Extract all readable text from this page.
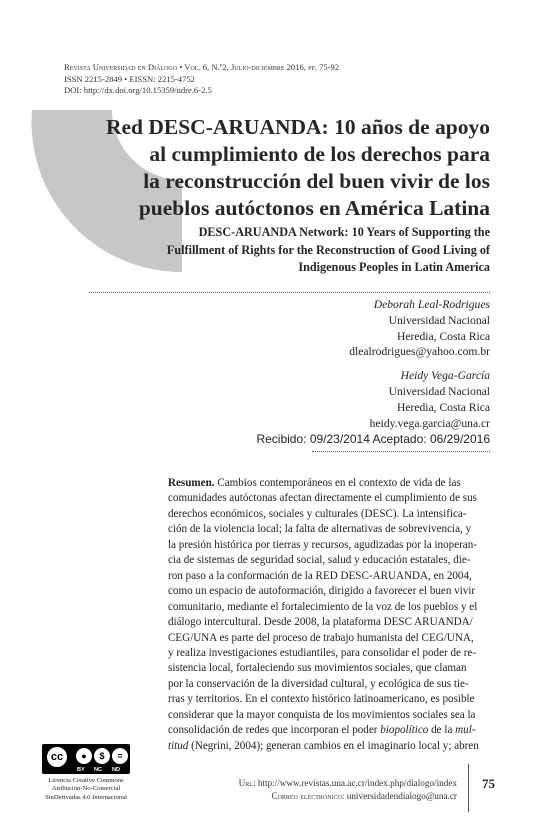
Revista Universidad en Diálogo • Vol. 6, N.º2, Julio-diciembre 2016, pp. 75-92
ISSN 2215-2849 • EISSN: 2215-4752
DOI: http://dx.doi.org/10.15359/udre.6-2.5
Red DESC-ARUANDA: 10 años de apoyo
al cumplimiento de los derechos para
la reconstrucción del buen vivir de los
pueblos autóctonos en América Latina
DESC-ARUANDA Network: 10 Years of Supporting the
Fulfillment of Rights for the Reconstruction of Good Living of
Indigenous Peoples in Latin America
Deborah Leal-Rodrigues
Universidad Nacional
Heredia, Costa Rica
dlealrodrigues@yahoo.com.br
Heidy Vega-García
Universidad Nacional
Heredia, Costa Rica
heidy.vega.garcia@una.cr
Recibido: 09/23/2014 Aceptado: 06/29/2016
Resumen. Cambios contemporáneos en el contexto de vida de las
comunidades autóctonas afectan directamente el cumplimiento de sus
derechos económicos, sociales y culturales (DESC). La intensifica-
ción de la violencia local; la falta de alternativas de sobrevivencia, y
la presión histórica por tierras y recursos, agudizadas por la inoperan-
cia de sistemas de seguridad social, salud y educación estatales, die-
ron paso a la conformación de la RED DESC-ARUANDA, en 2004,
como un espacio de autoformación, dirigido a favorecer el buen vivir
comunitario, mediante el fortalecimiento de la voz de los pueblos y el
diálogo intercultural. Desde 2008, la plataforma DESC ARUANDA/
CEG/UNA es parte del proceso de trabajo humanista del CEG/UNA,
y realiza investigaciones estudiantiles, para consolidar el poder de re-
sistencia local, fortaleciendo sus movimientos sociales, que claman
por la conservación de la diversidad cultural, y ecológica de sus tie-
rras y territorios. En el contexto histórico latinoamericano, es posible
considerar que la mayor conquista de los movimientos sociales sea la
consolidación de redes que incorporan el poder biopolítico de la mul-
titud (Negrini, 2004); generan cambios en el imaginario local y; abren
cc	●	$	=
BY NC ND
Licencia Creative Commons
Atribución-No-Comercial
SinDerivadas 4.0 Internacional
Url: http://www.revistas.una.ac.cr/index.php/dialogo/index
Correo electrónico: universidadendialogo@una.cr
75
